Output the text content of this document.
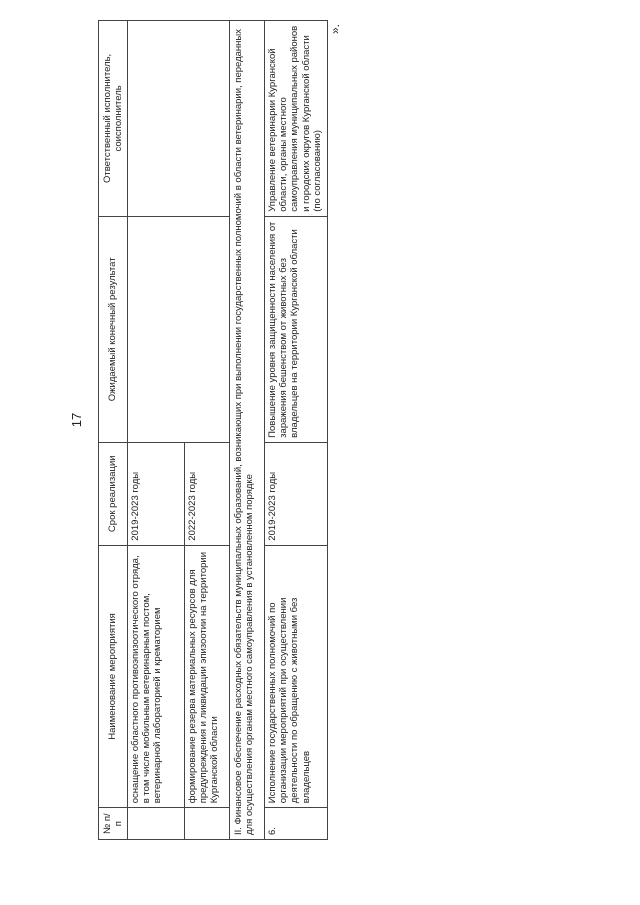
17
№ п/п	Наименование мероприятия	Срок реализации	Ожидаемый конечный результат	Ответственный исполнитель, соисполнитель
	оснащение областного противоэпизоотического отряда, в том числе мобильным ветеринарным постом, ветеринарной лабораторией и крематорием	2019-2023 годы		
	формирование резерва материальных ресурсов для предупреждения и ликвидации эпизоотии на территории Курганской области	2022-2023 годы		
II. Финансовое обеспечение расходных обязательств муниципальных образований, возникающих при выполнении государственных полномочий в области ветеринарии, переданных для осуществления органам местного самоуправления в установленном порядке				
6.	Исполнение государственных полномочий по организации мероприятий при осуществлении деятельности по обращению с животными без владельцев	2019-2023 годы	Повышение уровня защищенности населения от заражения бешенством от животных без владельцев на территории Курганской области	Управление ветеринарии Курганской области, органы местного самоуправления муниципальных районов и городских округов Курганской области (по согласованию)
».
